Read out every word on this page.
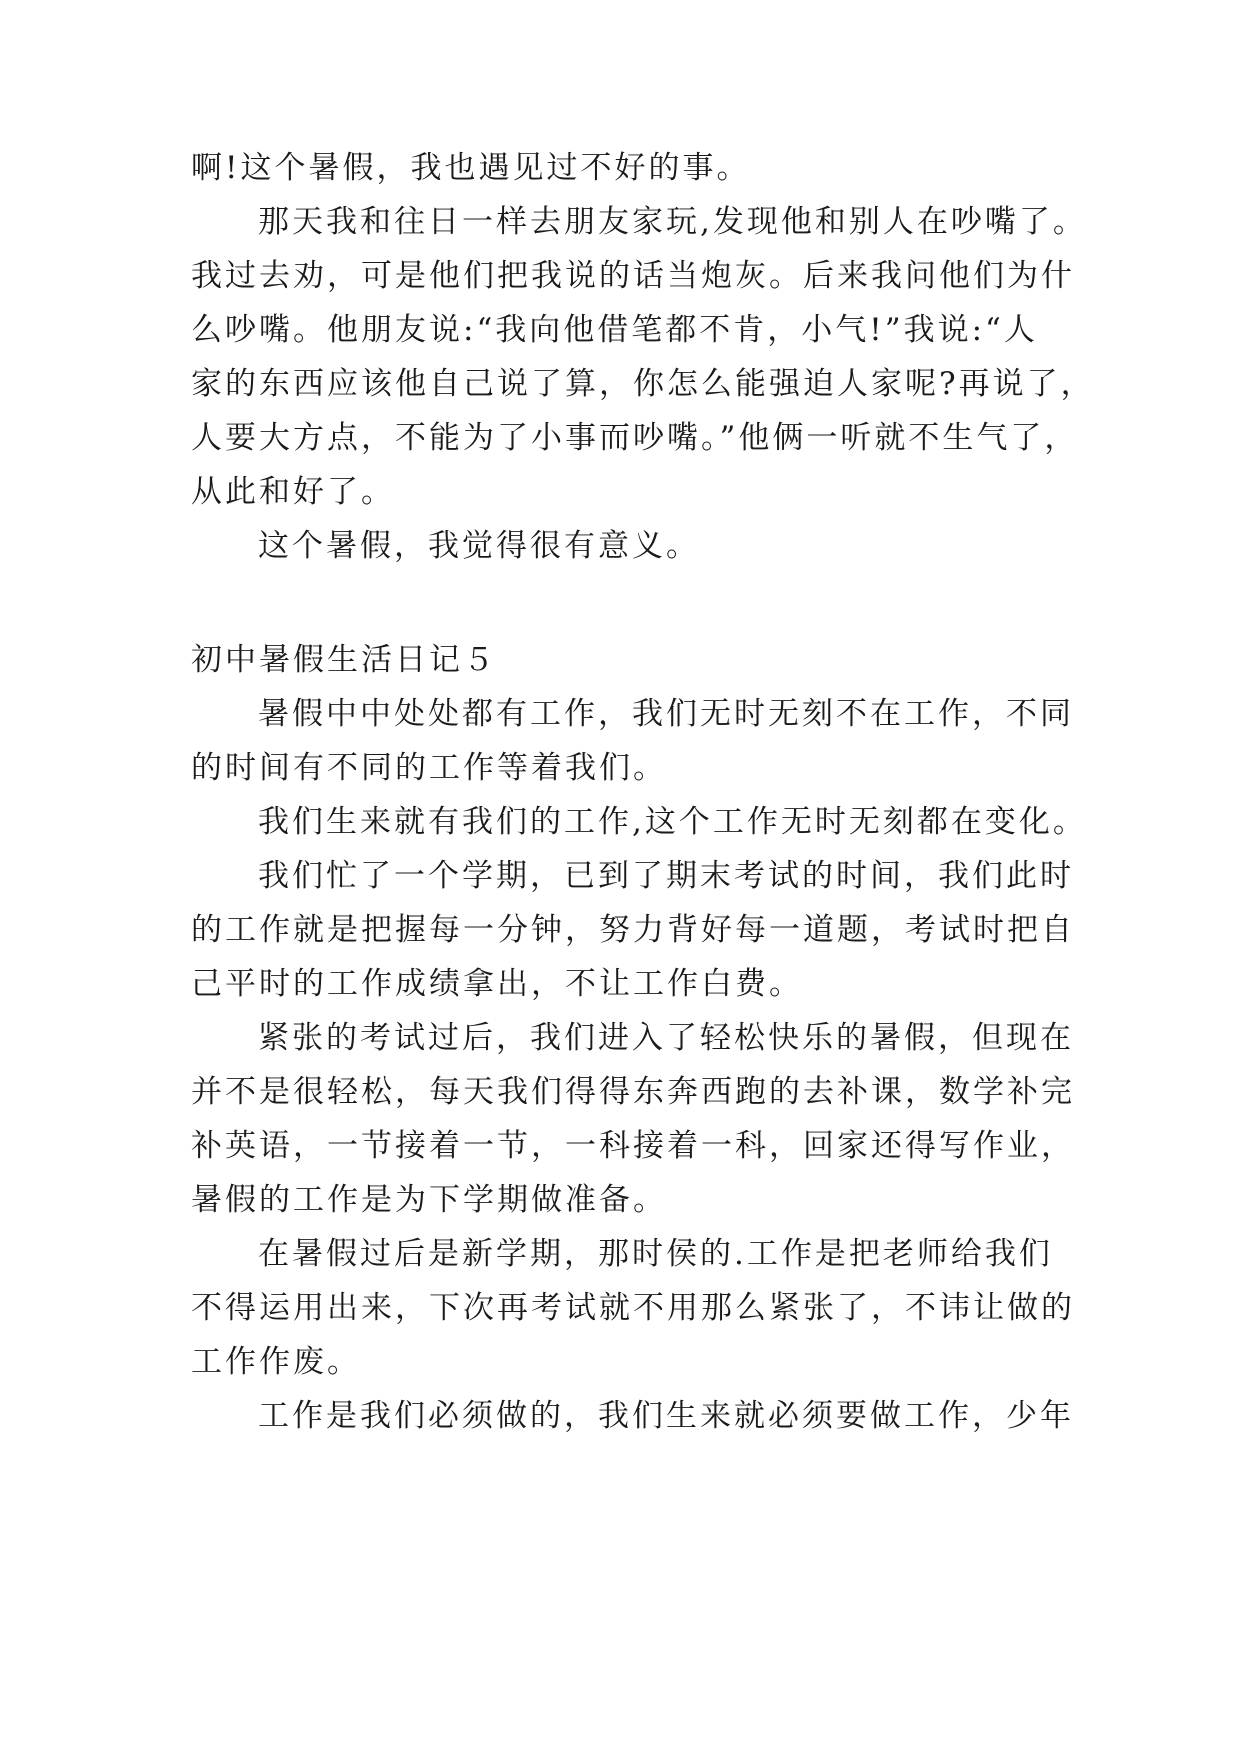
啊!这个暑假，我也遇见过不好的事。
那天我和往日一样去朋友家玩,发现他和别人在吵嘴了。
我过去劝，可是他们把我说的话当炮灰。后来我问他们为什
么吵嘴。他朋友说:“我向他借笔都不肯，小气!”我说:“人
家的东西应该他自己说了算，你怎么能强迫人家呢?再说了，
人要大方点，不能为了小事而吵嘴。”他俩一听就不生气了，
从此和好了。
这个暑假，我觉得很有意义。
初中暑假生活日记５
暑假中中处处都有工作，我们无时无刻不在工作，不同
的时间有不同的工作等着我们。
我们生来就有我们的工作,这个工作无时无刻都在变化。
我们忙了一个学期，已到了期末考试的时间，我们此时
的工作就是把握每一分钟，努力背好每一道题，考试时把自
己平时的工作成绩拿出，不让工作白费。
紧张的考试过后，我们进入了轻松快乐的暑假，但现在
并不是很轻松，每天我们得得东奔西跑的去补课，数学补完
补英语，一节接着一节，一科接着一科，回家还得写作业，
暑假的工作是为下学期做准备。
在暑假过后是新学期，那时侯的.工作是把老师给我们
不得运用出来，下次再考试就不用那么紧张了，不讳让做的
工作作废。
工作是我们必须做的，我们生来就必须要做工作，少年
